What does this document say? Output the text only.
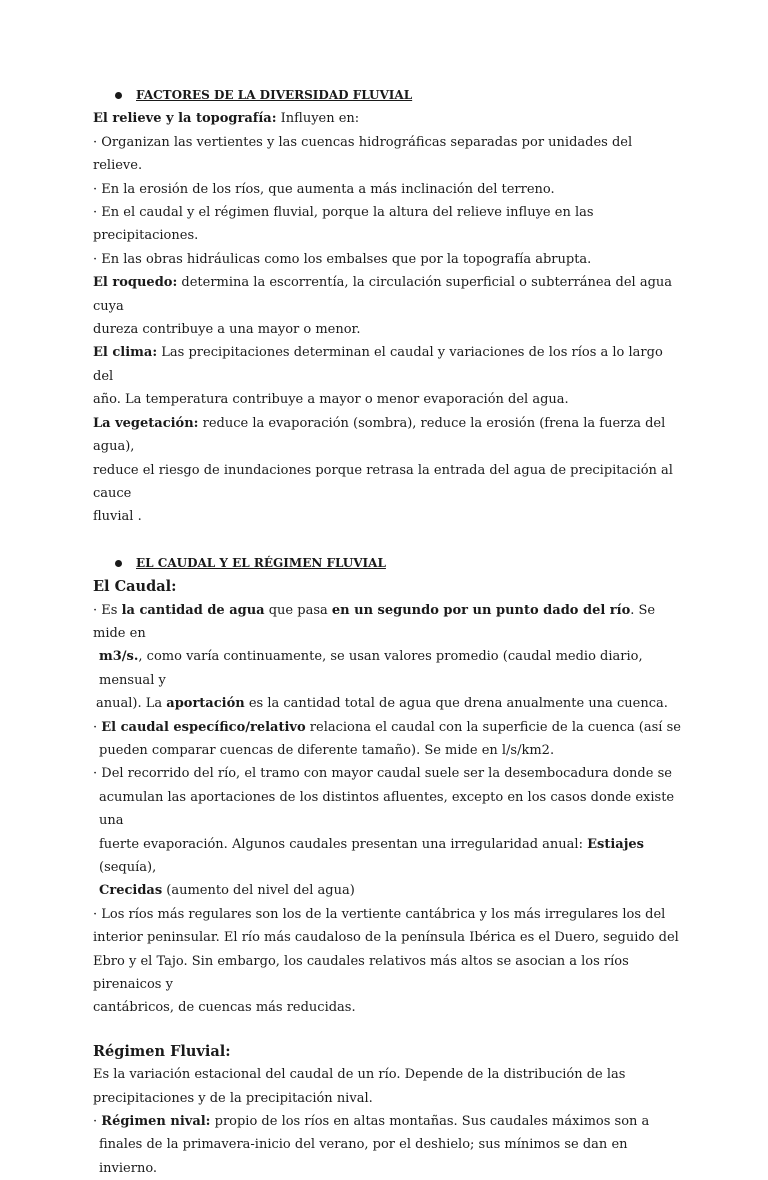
FACTORES DE LA DIVERSIDAD FLUVIAL
El relieve y la topografía: Influyen en:
· Organizan las vertientes y las cuencas hidrográficas separadas por unidades del relieve.
· En la erosión de los ríos, que aumenta a más inclinación del terreno.
· En el caudal y el régimen fluvial, porque la altura del relieve influye en las precipitaciones.
· En las obras hidráulicas como los embalses que por la topografía abrupta.
El roquedo: determina la escorrentía, la circulación superficial o subterránea del agua cuya
dureza contribuye a una mayor o menor.
El clima: Las precipitaciones determinan el caudal y variaciones de los ríos a lo largo del
año. La temperatura contribuye a mayor o menor evaporación del agua.
La vegetación: reduce la evaporación (sombra), reduce la erosión (frena la fuerza del agua),
reduce el riesgo de inundaciones porque retrasa la entrada del agua de precipitación al cauce
fluvial .
EL CAUDAL Y EL RÉGIMEN FLUVIAL
El Caudal:
· Es la cantidad de agua que pasa en un segundo por un punto dado del río. Se mide en
m3/s., como varía continuamente, se usan valores promedio (caudal medio diario, mensual y
anual). La aportación es la cantidad total de agua que drena anualmente una cuenca.
· El caudal específico/relativo relaciona el caudal con la superficie de la cuenca (así se
pueden comparar cuencas de diferente tamaño). Se mide en l/s/km2.
· Del recorrido del río, el tramo con mayor caudal suele ser la desembocadura donde se
acumulan las aportaciones de los distintos afluentes, excepto en los casos donde existe una
fuerte evaporación. Algunos caudales presentan una irregularidad anual: Estiajes (sequía),
Crecidas (aumento del nivel del agua)
· Los ríos más regulares son los de la vertiente cantábrica y los más irregulares los del
interior peninsular. El río más caudaloso de la península Ibérica es el Duero, seguido del
Ebro y el Tajo. Sin embargo, los caudales relativos más altos se asocian a los ríos pirenaicos y
cantábricos, de cuencas más reducidas.
Régimen Fluvial:
Es la variación estacional del caudal de un río. Depende de la distribución de las
precipitaciones y de la precipitación nival.
· Régimen nival: propio de los ríos en altas montañas. Sus caudales máximos son a
finales de la primavera-inicio del verano, por el deshielo; sus mínimos se dan en
invierno.
